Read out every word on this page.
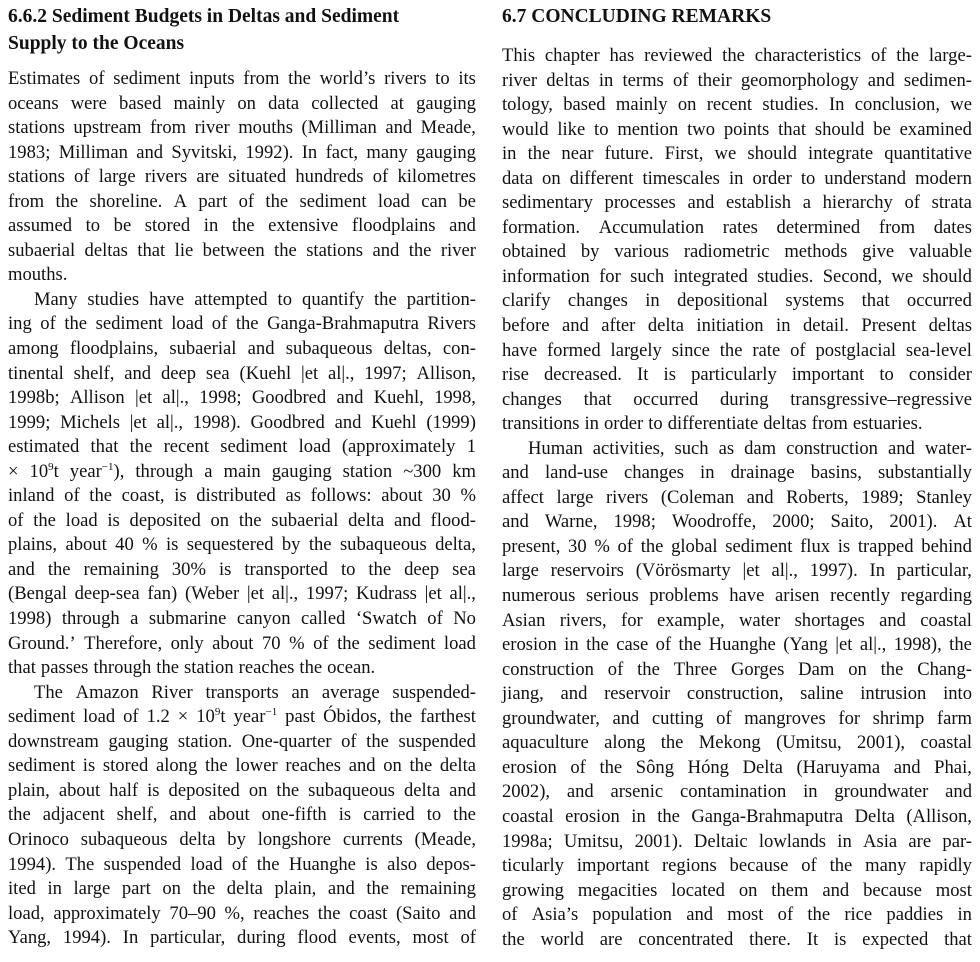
6.6.2 Sediment Budgets in Deltas and Sediment
Supply to the Oceans
Estimates of sediment inputs from the world’s rivers to its
oceans were based mainly on data collected at gauging
stations upstream from river mouths (Milliman and Meade,
1983; Milliman and Syvitski, 1992). In fact, many gauging
stations of large rivers are situated hundreds of kilometres
from the shoreline. A part of the sediment load can be
assumed to be stored in the extensive floodplains and
subaerial deltas that lie between the stations and the river
mouths.
Many studies have attempted to quantify the partition-
ing of the sediment load of the Ganga-Brahmaputra Rivers
among floodplains, subaerial and subaqueous deltas, con-
tinental shelf, and deep sea (Kuehl |et al|., 1997; Allison,
1998b; Allison |et al|., 1998; Goodbred and Kuehl, 1998,
1999; Michels |et al|., 1998). Goodbred and Kuehl (1999)
estimated that the recent sediment load (approximately 1
× $10^9t$ year$^{-1}$), through a main gauging station ~300 km
inland of the coast, is distributed as follows: about 30 %
of the load is deposited on the subaerial delta and flood-
plains, about 40 % is sequestered by the subaqueous delta,
and the remaining 30% is transported to the deep sea
(Bengal deep-sea fan) (Weber |et al|., 1997; Kudrass |et al|.,
1998) through a submarine canyon called ‘Swatch of No
Ground.’ Therefore, only about 70 % of the sediment load
that passes through the station reaches the ocean.
The Amazon River transports an average suspended-
sediment load of $1.2 \times 10^9t$ year$^{-1}$ past Óbidos, the farthest
downstream gauging station. One-quarter of the suspended
sediment is stored along the lower reaches and on the delta
plain, about half is deposited on the subaqueous delta and
the adjacent shelf, and about one-fifth is carried to the
Orinoco subaqueous delta by longshore currents (Meade,
1994). The suspended load of the Huanghe is also depos-
ited in large part on the delta plain, and the remaining
load, approximately 70–90 %, reaches the coast (Saito and
Yang, 1994). In particular, during flood events, most of
6.7 CONCLUDING REMARKS
This chapter has reviewed the characteristics of the large-
river deltas in terms of their geomorphology and sedimen-
tology, based mainly on recent studies. In conclusion, we
would like to mention two points that should be examined
in the near future. First, we should integrate quantitative
data on different timescales in order to understand modern
sedimentary processes and establish a hierarchy of strata
formation. Accumulation rates determined from dates
obtained by various radiometric methods give valuable
information for such integrated studies. Second, we should
clarify changes in depositional systems that occurred
before and after delta initiation in detail. Present deltas
have formed largely since the rate of postglacial sea-level
rise decreased. It is particularly important to consider
changes that occurred during transgressive–regressive
transitions in order to differentiate deltas from estuaries.
Human activities, such as dam construction and water-
and land-use changes in drainage basins, substantially
affect large rivers (Coleman and Roberts, 1989; Stanley
and Warne, 1998; Woodroffe, 2000; Saito, 2001). At
present, 30 % of the global sediment flux is trapped behind
large reservoirs (Vörösmarty |et al|., 1997). In particular,
numerous serious problems have arisen recently regarding
Asian rivers, for example, water shortages and coastal
erosion in the case of the Huanghe (Yang |et al|., 1998), the
construction of the Three Gorges Dam on the Chang-
jiang, and reservoir construction, saline intrusion into
groundwater, and cutting of mangroves for shrimp farm
aquaculture along the Mekong (Umitsu, 2001), coastal
erosion of the Sông Hóng Delta (Haruyama and Phai,
2002), and arsenic contamination in groundwater and
coastal erosion in the Ganga-Brahmaputra Delta (Allison,
1998a; Umitsu, 2001). Deltaic lowlands in Asia are par-
ticularly important regions because of the many rapidly
growing megacities located on them and because most
of Asia’s population and most of the rice paddies in
the world are concentrated there. It is expected that
